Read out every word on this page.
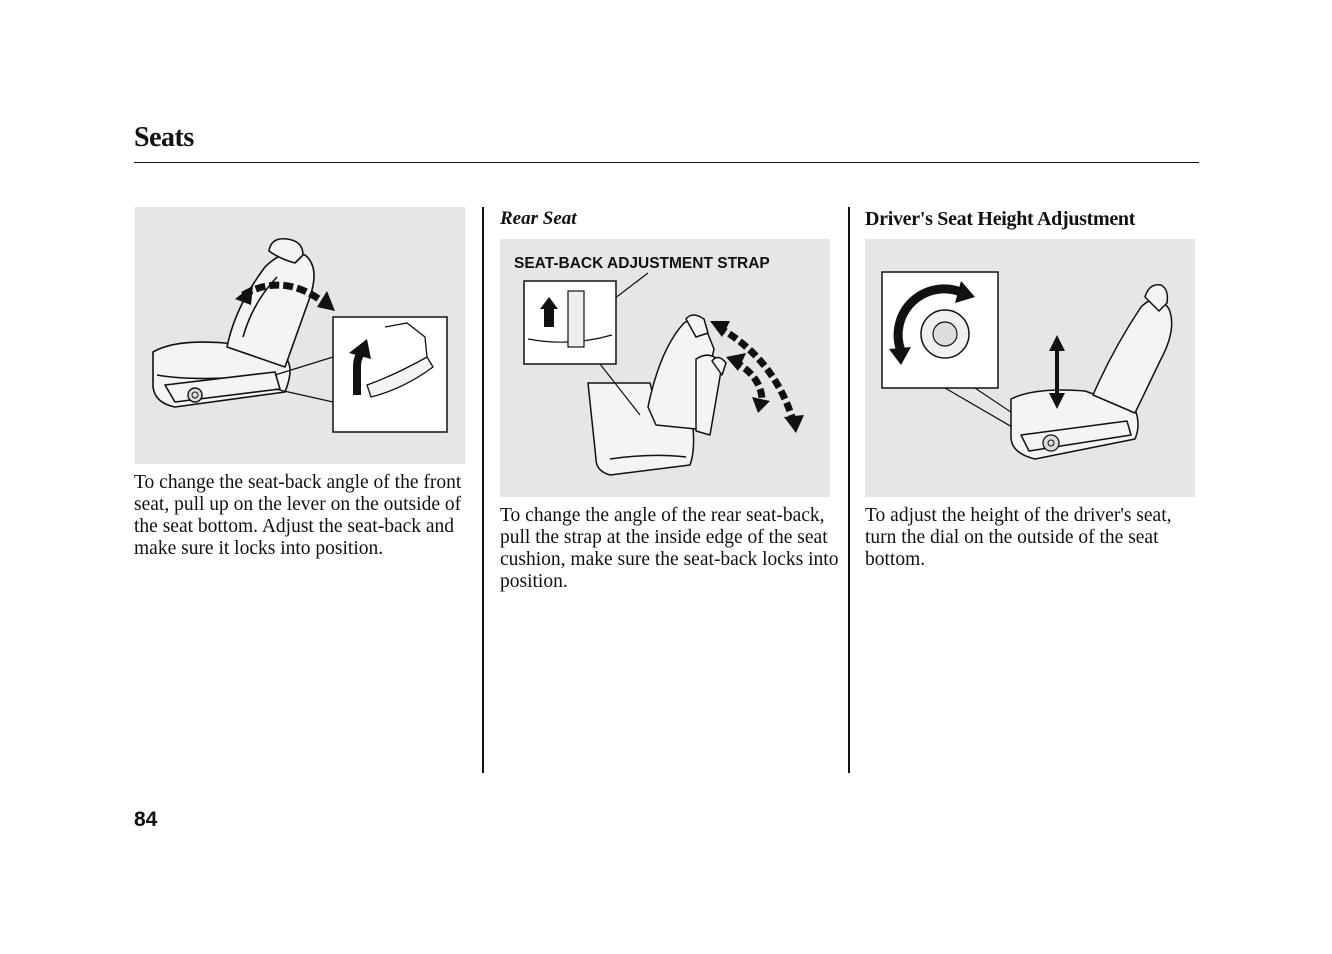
Seats
SEAT-BACK ADJUSTMENT STRAP
Rear Seat	Driver's Seat Height Adjustment
To change the seat-back angle of the front seat, pull up on the lever on the outside of the seat bottom. Adjust the seat-back and make sure it locks into position.
To change the angle of the rear seat-back, pull the strap at the inside edge of the seat cushion, make sure the seat-back locks into position.
To adjust the height of the driver's seat, turn the dial on the outside of the seat bottom.
84
